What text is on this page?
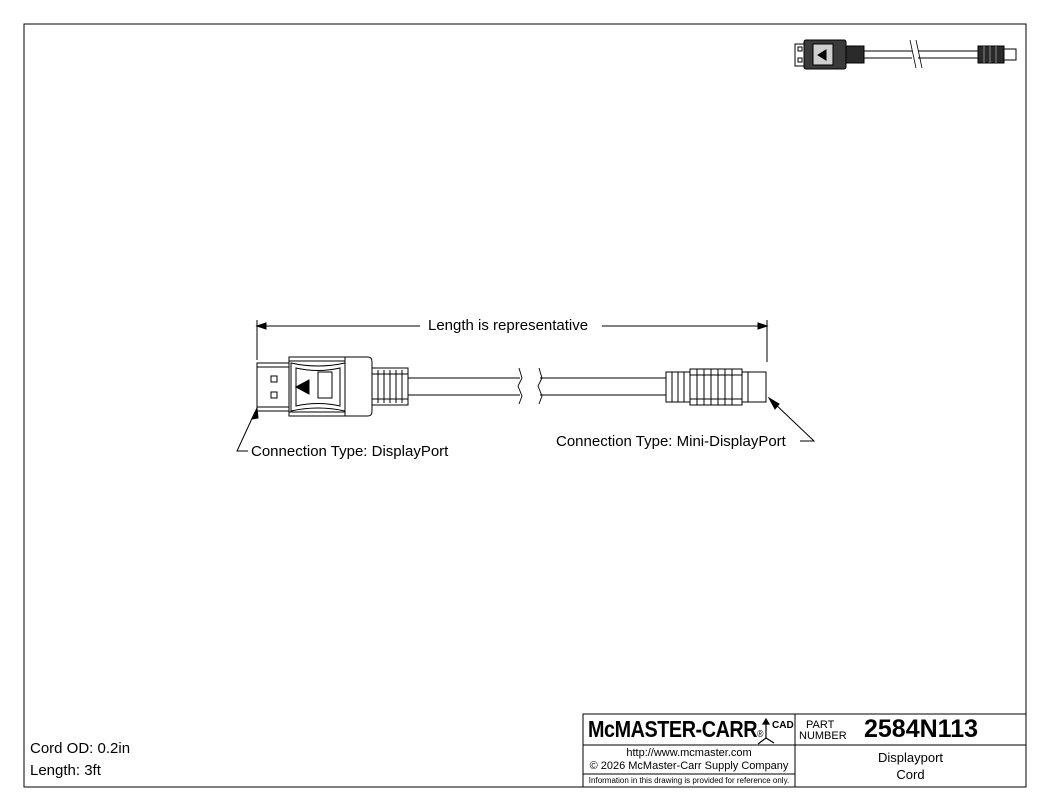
Length is representative
Connection Type: DisplayPort
Connection Type: Mini-DisplayPort
Cord OD: 0.2in
Length: 3ft
McMASTER-CARR®
CAD PART
NUMBER 2584N113
http://www.mcmaster.com
© 2026 McMaster-Carr Supply Company
Information in this drawing is provided for reference only.
Displayport
Cord
